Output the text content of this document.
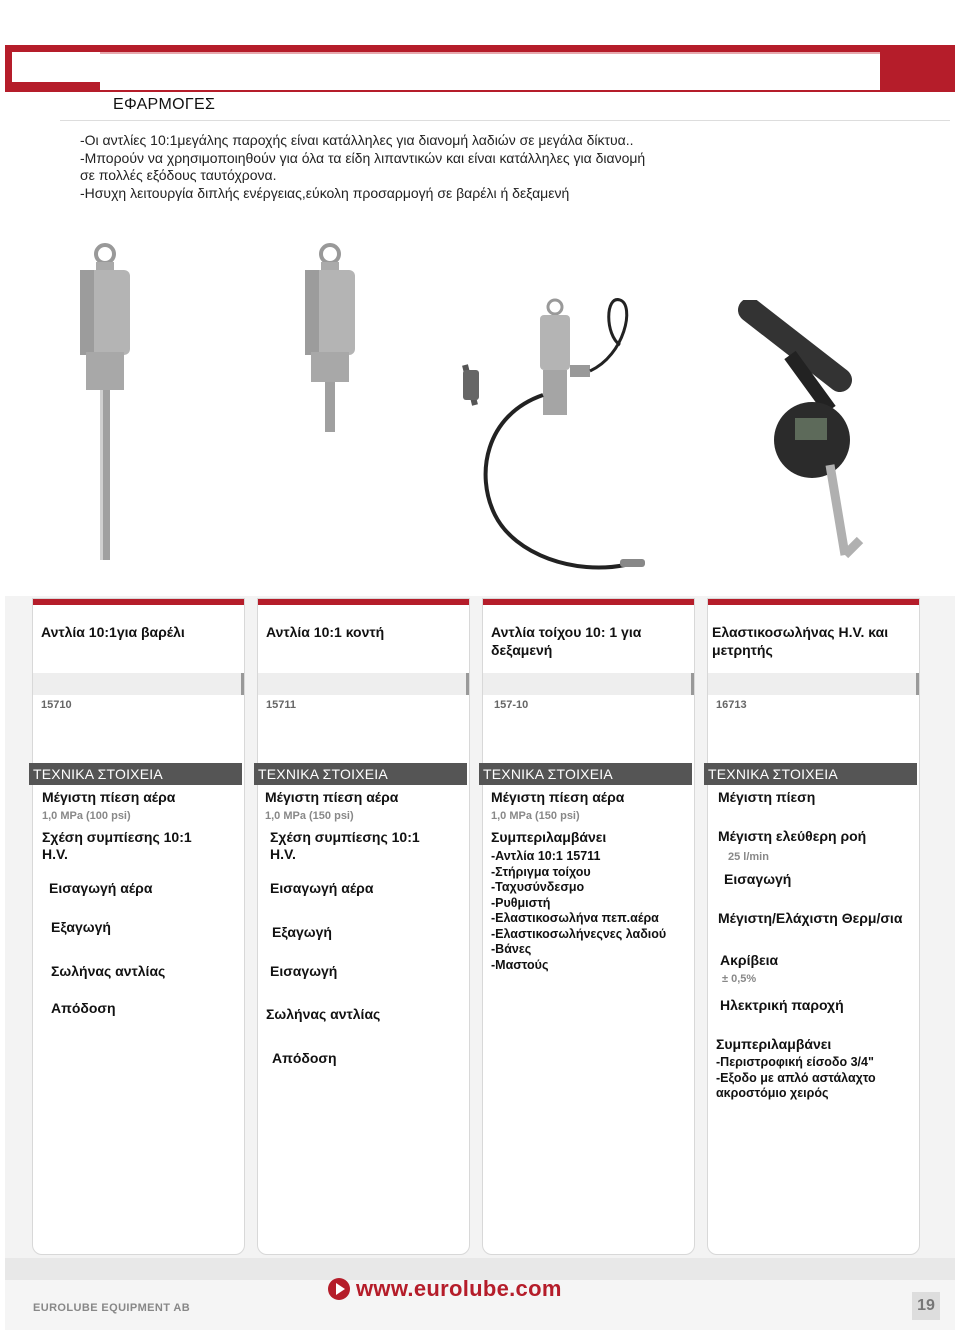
ΕΦΑΡΜΟΓΕΣ

-Οι αντλίες 10:1μεγάλης παροχής είναι κατάλληλες για διανομή λαδιών σε μεγάλα δίκτυα..

-Μπορούν να χρησιμοποιηθούν για όλα τα είδη λιπαντικών και είναι κατάλληλες για διανομή

σε πολλές εξόδους ταυτόχρονα.

-Ησυχη λειτουργία διπλής ενέργειας,εύκολη προσαρμογή σε βαρέλι ή δεξαμενή

Αντλία 10:1για βαρέλι
15710
ΤΕΧΝΙΚΑ ΣΤΟΙΧΕΙΑ
Μέγιστη πίεση αέρα
1,0 MPa (100 psi)
Σχέση συμπίεσης 10:1 H.V.
Εισαγωγή αέρα
Εξαγωγή
Σωλήνας αντλίας
Απόδοση
Αντλία 10:1 κοντή
15711
ΤΕΧΝΙΚΑ ΣΤΟΙΧΕΙΑ
Μέγιστη πίεση αέρα
1,0 MPa (150 psi)
Σχέση συμπίεσης 10:1 H.V.
Εισαγωγή αέρα
Εξαγωγή
Εισαγωγή
Σωλήνας αντλίας
Απόδοση
Αντλία τοίχου 10: 1 για δεξαμενή
157-10
ΤΕΧΝΙΚΑ ΣΤΟΙΧΕΙΑ
Μέγιστη πίεση αέρα
1,0 MPa (150 psi)
Συμπεριλαμβάνει
-Αντλία 10:1 15711
-Στήριγμα τοίχου
-Ταχυσύνδεσμο
-Ρυθμιστή
-Ελαστικοσωλήνα πεπ.αέρα
-Ελαστικοσωλήνεςνες λαδιού
-Βάνες
-Μαστούς
Ελαστικοσωλήνας H.V. και μετρητής
16713
ΤΕΧΝΙΚΑ ΣΤΟΙΧΕΙΑ
Μέγιστη πίεση
Μέγιστη ελεύθερη ροή
25 l/min
Εισαγωγή
Μέγιστη/Ελάχιστη Θερμ/σια
Ακρίβεια
± 0,5%
Ηλεκτρική παροχή
Συμπεριλαμβάνει
-Περιστροφική είσοδο 3/4"
-Εξοδο με απλό αστάλαχτο
ακροστόμιο χειρός
EUROLUBE EQUIPMENT AB
www.eurolube.com
19
